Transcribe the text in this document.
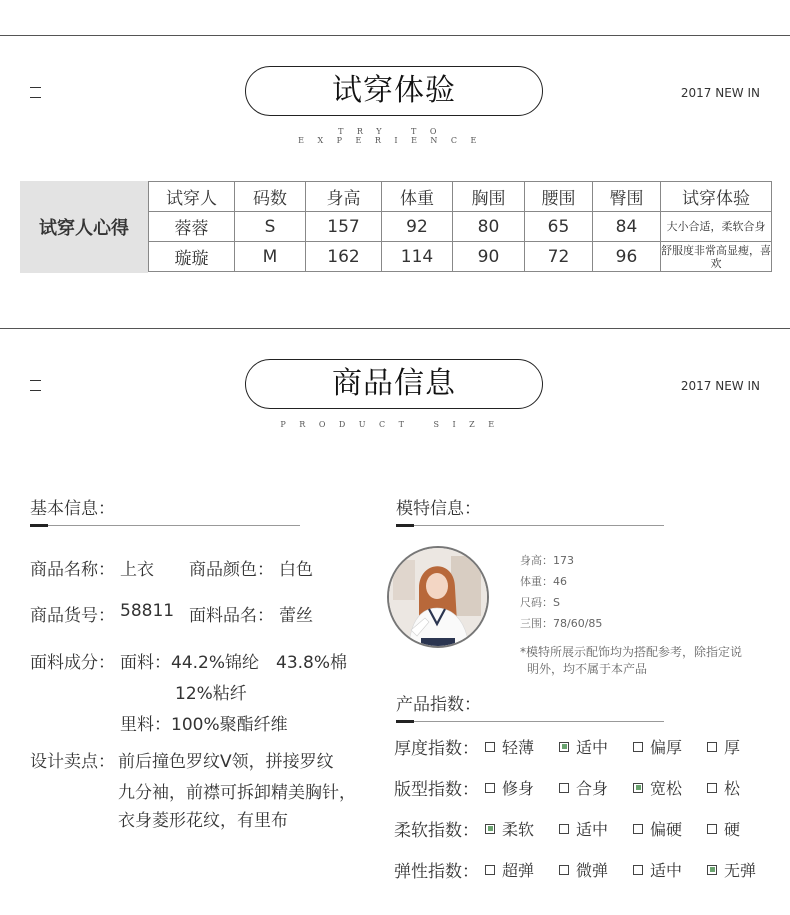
试穿体验
TRY TO EXPERIENCE
2017 NEW IN
试穿人心得
试穿人	码数	身高	体重	胸围	腰围	臀围	试穿体验
蓉蓉	S	157	92	80	65	84	大小合适，柔软合身
璇璇	M	162	114	90	72	96	舒服度非常高显瘦，喜欢
商品信息
PRODUCT SIZE
2017 NEW IN
基本信息：
商品名称： 上衣 商品颜色： 白色
商品货号： 58811 面料品名： 蕾丝
面料成分： 面料：44.2%锦纶　43.8%棉
12%粘纤
里料：100%聚酯纤维
设计卖点： 前后撞色罗纹V领，拼接罗纹
九分袖，前襟可拆卸精美胸针，
衣身菱形花纹，有里布
模特信息：
身高：173
体重：46
尺码：S
三围：78/60/85
*模特所展示配饰均为搭配参考，除指定说
明外，均不属于本产品
产品指数：
厚度指数： 轻薄	适中	偏厚	厚
版型指数： 修身	合身	宽松	松
柔软指数： 柔软	适中	偏硬	硬
弹性指数： 超弹	微弹	适中	无弹
